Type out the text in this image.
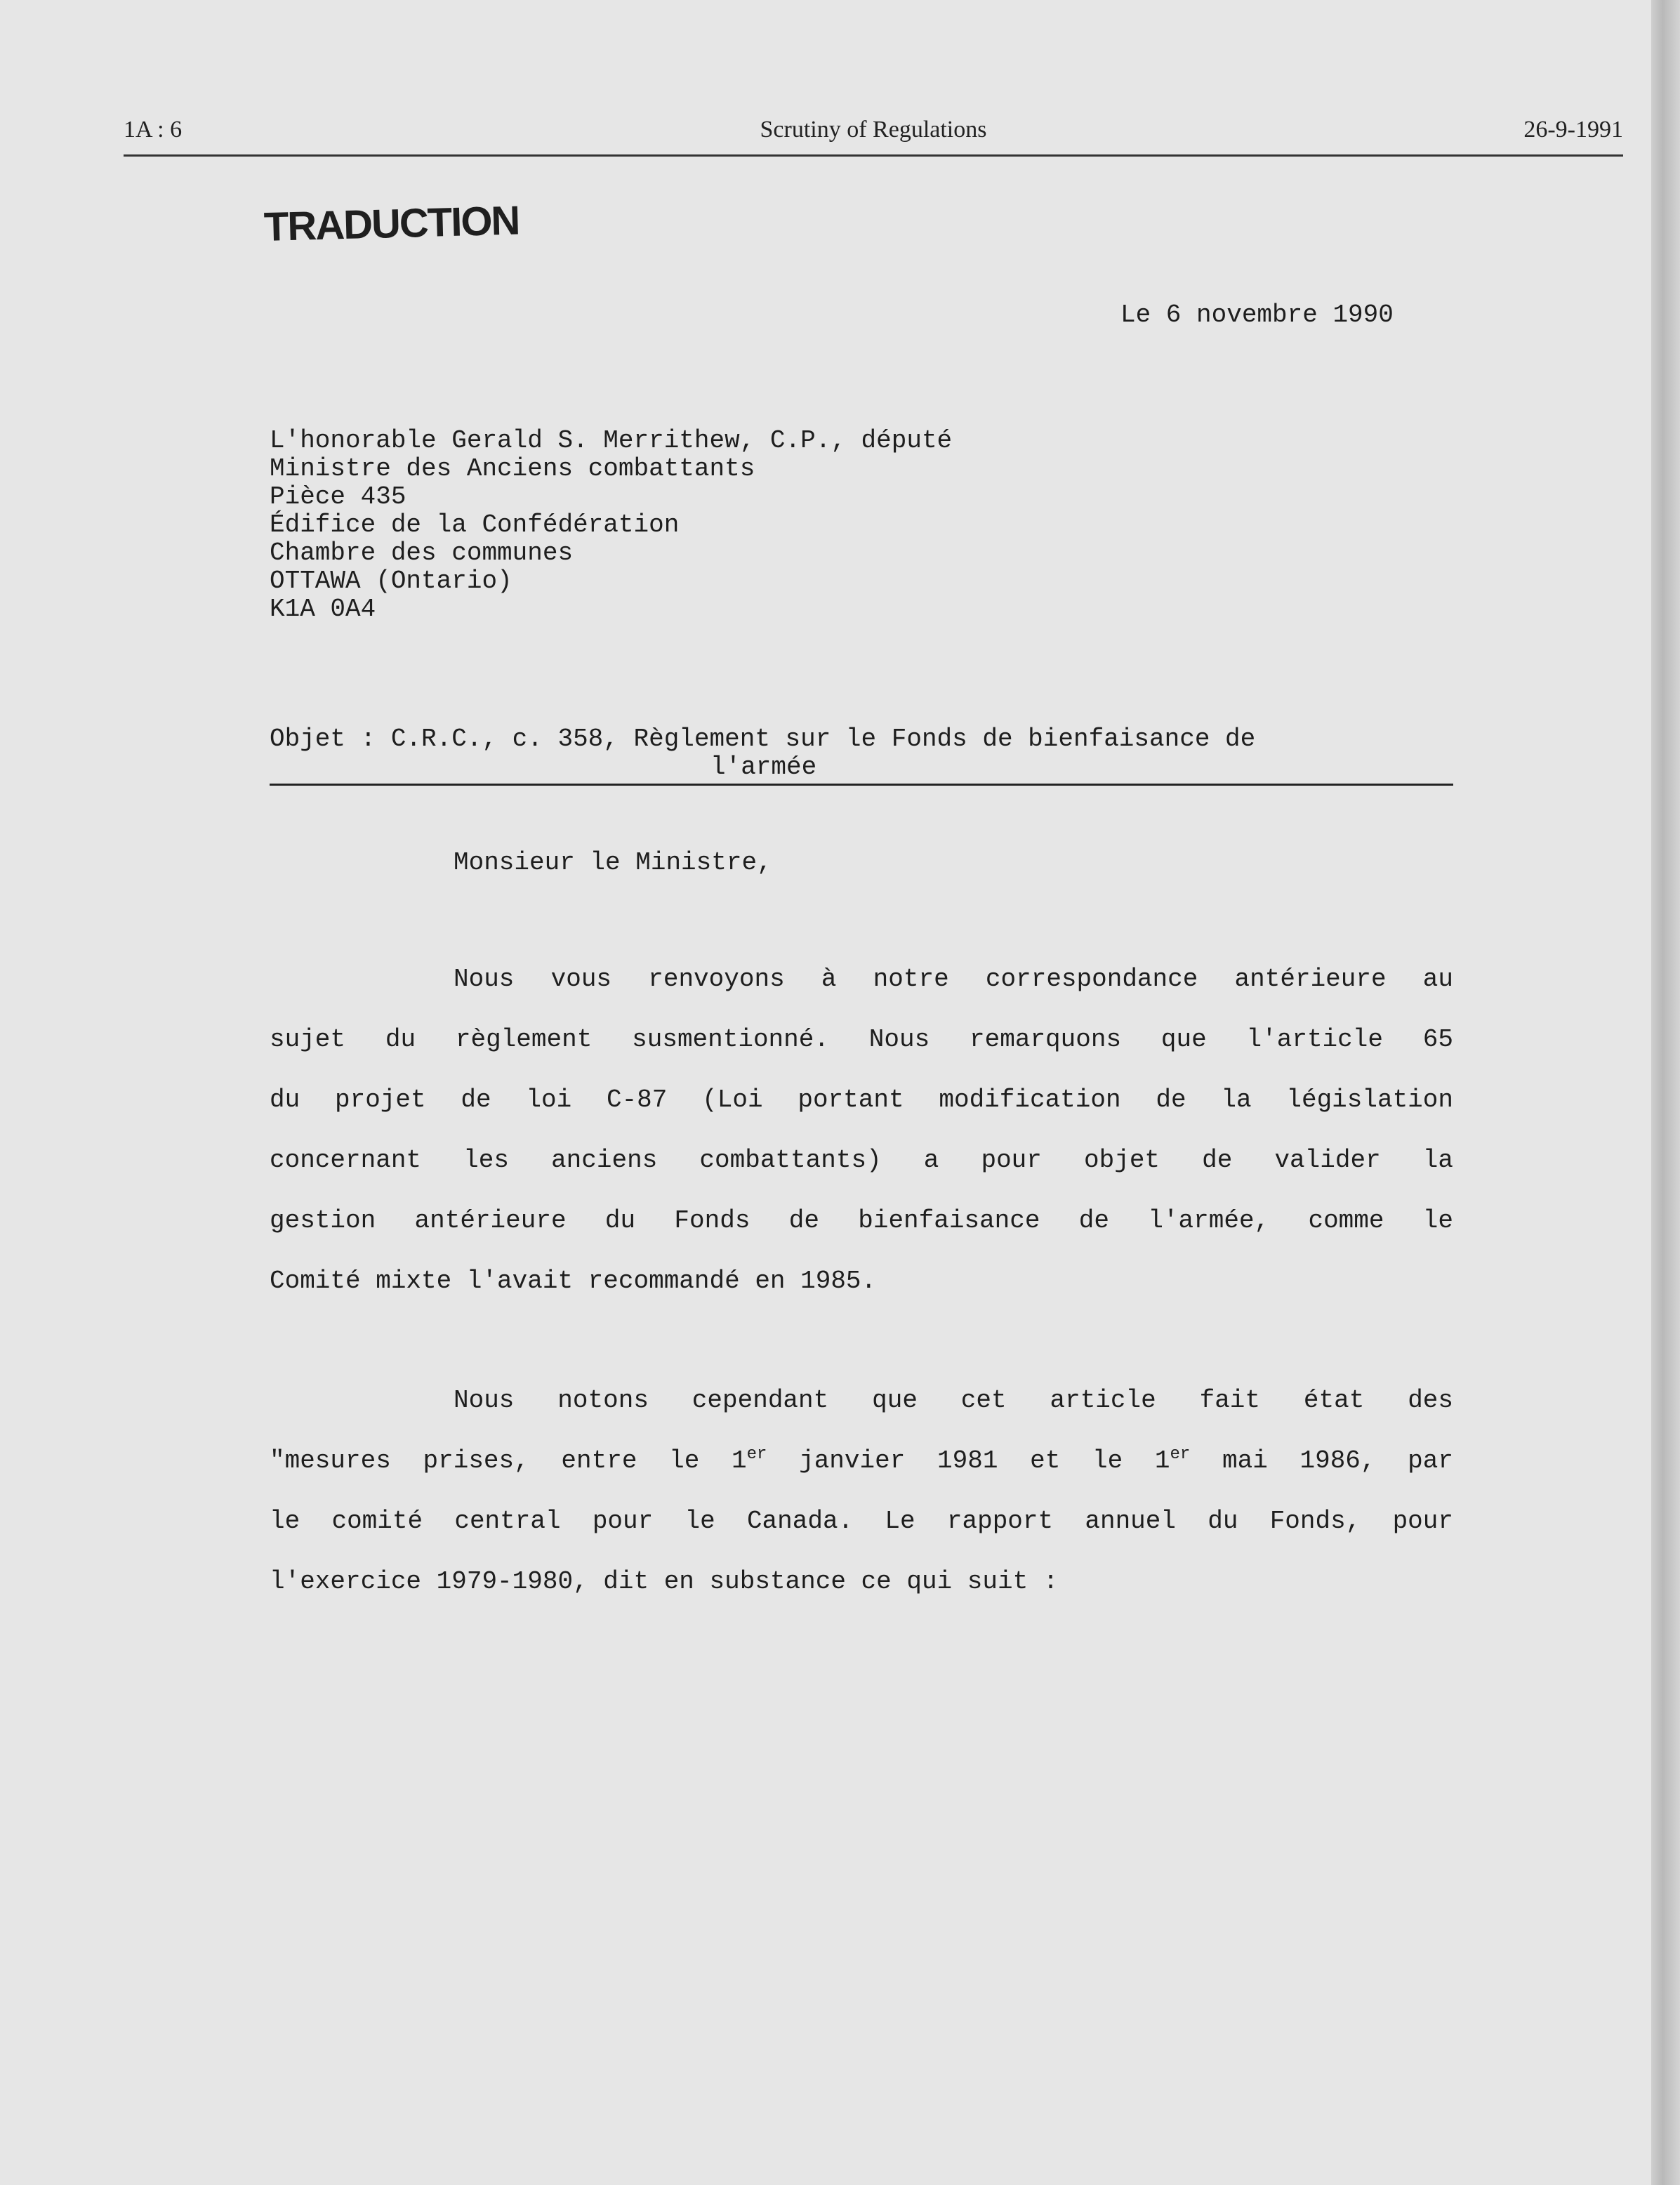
1A : 6	Scrutiny of Regulations	26-9-1991
TRADUCTION
Le 6 novembre 1990
L'honorable Gerald S. Merrithew, C.P., député
Ministre des Anciens combattants
Pièce 435
Édifice de la Confédération
Chambre des communes
OTTAWA (Ontario)
K1A 0A4
Objet : C.R.C., c. 358, Règlement sur le Fonds de bienfaisance de
l'armée
Monsieur le Ministre,
Nous vous renvoyons à notre correspondance antérieure au
sujet du règlement susmentionné. Nous remarquons que l'article 65
du projet de loi C-87 (Loi portant modification de la législation
concernant les anciens combattants) a pour objet de valider la
gestion antérieure du Fonds de bienfaisance de l'armée, comme le
Comité mixte l'avait recommandé en 1985.
Nous notons cependant que cet article fait état des
"mesures prises, entre le 1er janvier 1981 et le 1er mai 1986, par
le comité central pour le Canada. Le rapport annuel du Fonds, pour
l'exercice 1979-1980, dit en substance ce qui suit :
